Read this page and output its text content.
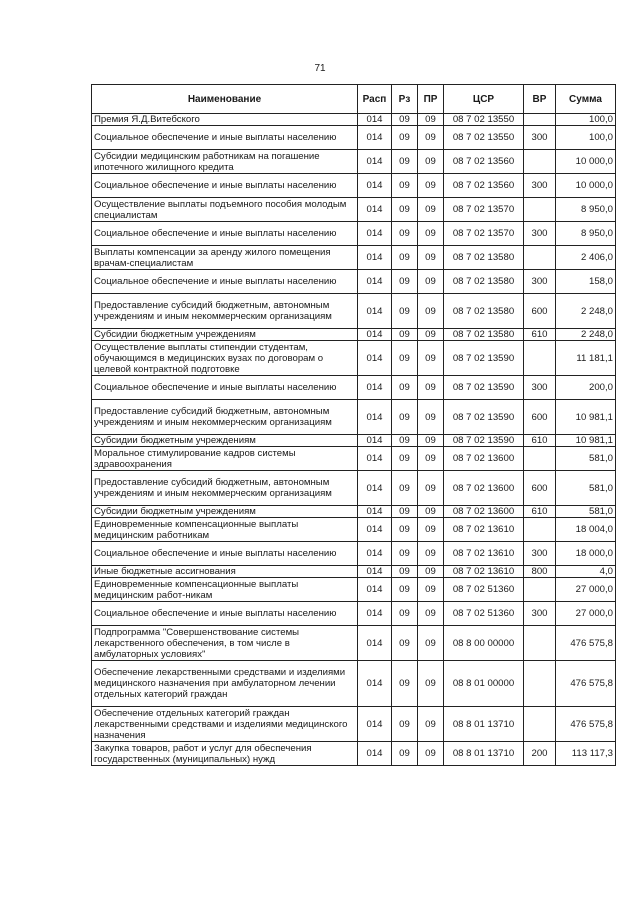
71
Наименование	Расп	Рз	ПР	ЦСР	ВР	Сумма
Премия Я.Д.Витебского	014	09	09	08 7 02 13550		100,0
Социальное обеспечение и иные выплаты населению	014	09	09	08 7 02 13550	300	100,0
Субсидии медицинским работникам на погашение ипотечного жилищного кредита	014	09	09	08 7 02 13560		10 000,0
Социальное обеспечение и иные выплаты населению	014	09	09	08 7 02 13560	300	10 000,0
Осуществление выплаты подъемного пособия молодым специалистам	014	09	09	08 7 02 13570		8 950,0
Социальное обеспечение и иные выплаты населению	014	09	09	08 7 02 13570	300	8 950,0
Выплаты компенсации за аренду жилого помещения врачам-специалистам	014	09	09	08 7 02 13580		2 406,0
Социальное обеспечение и иные выплаты населению	014	09	09	08 7 02 13580	300	158,0
Предоставление субсидий бюджетным, автономным учреждениям и иным некоммерческим организациям	014	09	09	08 7 02 13580	600	2 248,0
Субсидии бюджетным учреждениям	014	09	09	08 7 02 13580	610	2 248,0
Осуществление выплаты стипендии студентам, обучающимся в медицинских вузах по договорам о целевой контрактной подготовке	014	09	09	08 7 02 13590		11 181,1
Социальное обеспечение и иные выплаты населению	014	09	09	08 7 02 13590	300	200,0
Предоставление субсидий бюджетным, автономным учреждениям и иным некоммерческим организациям	014	09	09	08 7 02 13590	600	10 981,1
Субсидии бюджетным учреждениям	014	09	09	08 7 02 13590	610	10 981,1
Моральное стимулирование кадров системы здравоохранения	014	09	09	08 7 02 13600		581,0
Предоставление субсидий бюджетным, автономным учреждениям и иным некоммерческим организациям	014	09	09	08 7 02 13600	600	581,0
Субсидии бюджетным учреждениям	014	09	09	08 7 02 13600	610	581,0
Единовременные компенсационные выплаты медицинским работникам	014	09	09	08 7 02 13610		18 004,0
Социальное обеспечение и иные выплаты населению	014	09	09	08 7 02 13610	300	18 000,0
Иные бюджетные ассигнования	014	09	09	08 7 02 13610	800	4,0
Единовременные компенсационные выплаты медицинским работ-никам	014	09	09	08 7 02 51360		27 000,0
Социальное обеспечение и иные выплаты населению	014	09	09	08 7 02 51360	300	27 000,0
Подпрограмма "Совершенствование системы лекарственного обеспечения, в том числе в амбулаторных условиях"	014	09	09	08 8 00 00000		476 575,8
Обеспечение лекарственными средствами и изделиями медицинского назначения при амбулаторном лечении отдельных категорий граждан	014	09	09	08 8 01 00000		476 575,8
Обеспечение отдельных категорий граждан лекарственными средствами и изделиями медицинского назначения	014	09	09	08 8 01 13710		476 575,8
Закупка товаров, работ и услуг для обеспечения государственных (муниципальных) нужд	014	09	09	08 8 01 13710	200	113 117,3
